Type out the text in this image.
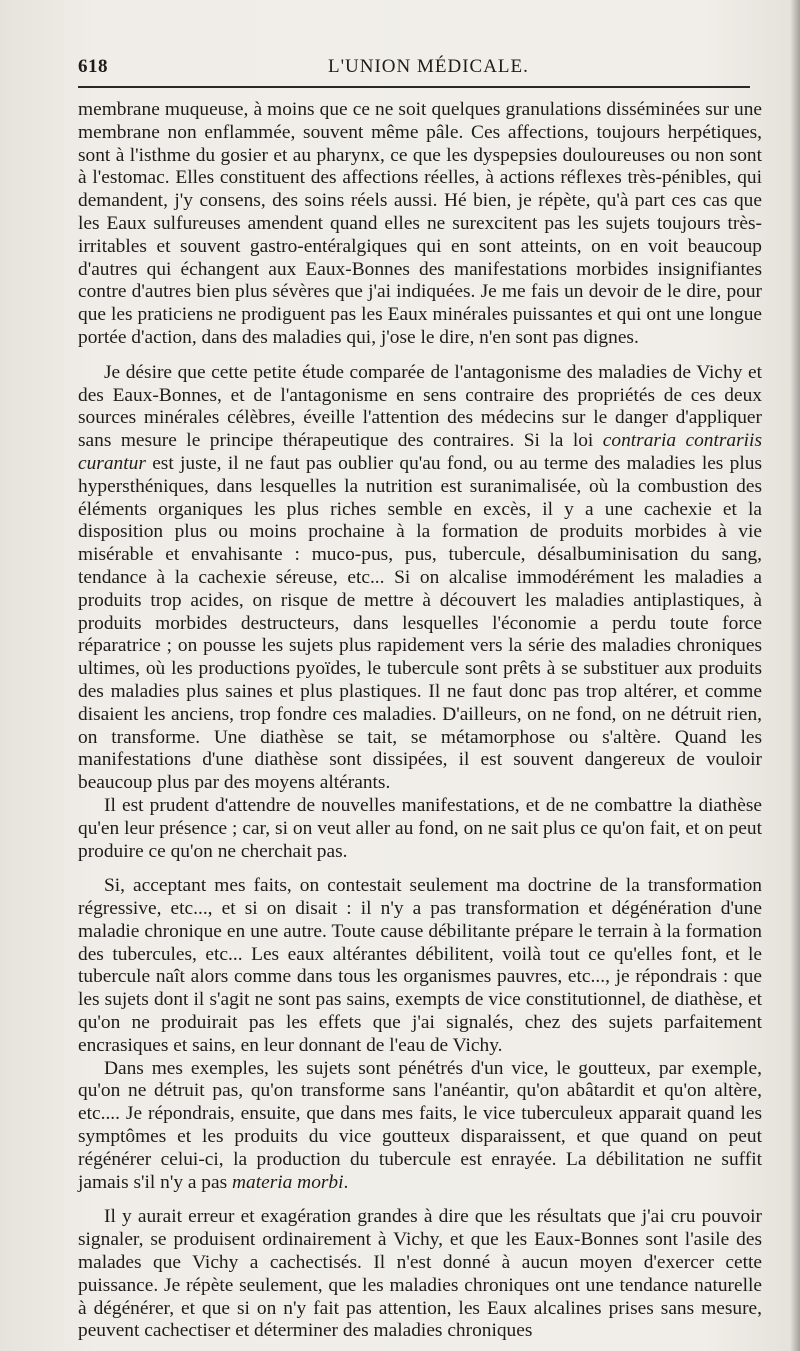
618	L'UNION MÉDICALE.

membrane muqueuse, à moins que ce ne soit quelques granulations disséminées sur une membrane non enflammée, souvent même pâle. Ces affections, toujours herpétiques, sont à l'isthme du gosier et au pharynx, ce que les dyspepsies douloureuses ou non sont à l'estomac. Elles constituent des affections réelles, à actions réflexes très-pénibles, qui demandent, j'y consens, des soins réels aussi. Hé bien, je répète, qu'à part ces cas que les Eaux sulfureuses amendent quand elles ne surexcitent pas les sujets toujours très-irritables et souvent gastro-entéralgiques qui en sont atteints, on en voit beaucoup d'autres qui échangent aux Eaux-Bonnes des manifestations morbides insignifiantes contre d'autres bien plus sévères que j'ai indiquées. Je me fais un devoir de le dire, pour que les praticiens ne prodiguent pas les Eaux minérales puissantes et qui ont une longue portée d'action, dans des maladies qui, j'ose le dire, n'en sont pas dignes.

Je désire que cette petite étude comparée de l'antagonisme des maladies de Vichy et des Eaux-Bonnes, et de l'antagonisme en sens contraire des propriétés de ces deux sources minérales célèbres, éveille l'attention des médecins sur le danger d'appliquer sans mesure le principe thérapeutique des contraires. Si la loi contraria contrariis curantur est juste, il ne faut pas oublier qu'au fond, ou au terme des maladies les plus hypersthéniques, dans lesquelles la nutrition est suranimalisée, où la combustion des éléments organiques les plus riches semble en excès, il y a une cachexie et la disposition plus ou moins prochaine à la formation de produits morbides à vie misérable et envahisante : muco-pus, pus, tubercule, désalbuminisation du sang, tendance à la cachexie séreuse, etc... Si on alcalise immodérément les maladies a produits trop acides, on risque de mettre à découvert les maladies antiplastiques, à produits morbides destructeurs, dans lesquelles l'économie a perdu toute force réparatrice ; on pousse les sujets plus rapidement vers la série des maladies chroniques ultimes, où les productions pyoïdes, le tubercule sont prêts à se substituer aux produits des maladies plus saines et plus plastiques. Il ne faut donc pas trop altérer, et comme disaient les anciens, trop fondre ces maladies. D'ailleurs, on ne fond, on ne détruit rien, on transforme. Une diathèse se tait, se métamorphose ou s'altère. Quand les manifestations d'une diathèse sont dissipées, il est souvent dangereux de vouloir beaucoup plus par des moyens altérants.

Il est prudent d'attendre de nouvelles manifestations, et de ne combattre la diathèse qu'en leur présence ; car, si on veut aller au fond, on ne sait plus ce qu'on fait, et on peut produire ce qu'on ne cherchait pas.

Si, acceptant mes faits, on contestait seulement ma doctrine de la transformation régressive, etc..., et si on disait : il n'y a pas transformation et dégénération d'une maladie chronique en une autre. Toute cause débilitante prépare le terrain à la formation des tubercules, etc... Les eaux altérantes débilitent, voilà tout ce qu'elles font, et le tubercule naît alors comme dans tous les organismes pauvres, etc..., je répondrais : que les sujets dont il s'agit ne sont pas sains, exempts de vice constitutionnel, de diathèse, et qu'on ne produirait pas les effets que j'ai signalés, chez des sujets parfaitement encrasiques et sains, en leur donnant de l'eau de Vichy.

Dans mes exemples, les sujets sont pénétrés d'un vice, le goutteux, par exemple, qu'on ne détruit pas, qu'on transforme sans l'anéantir, qu'on abâtardit et qu'on altère, etc.... Je répondrais, ensuite, que dans mes faits, le vice tuberculeux apparait quand les symptômes et les produits du vice goutteux disparaissent, et que quand on peut régénérer celui-ci, la production du tubercule est enrayée. La débilitation ne suffit jamais s'il n'y a pas materia morbi.

Il y aurait erreur et exagération grandes à dire que les résultats que j'ai cru pouvoir signaler, se produisent ordinairement à Vichy, et que les Eaux-Bonnes sont l'asile des malades que Vichy a cachectisés. Il n'est donné à aucun moyen d'exercer cette puissance. Je répète seulement, que les maladies chroniques ont une tendance naturelle à dégénérer, et que si on n'y fait pas attention, les Eaux alcalines prises sans mesure, peuvent cachectiser et déterminer des maladies chroniques
